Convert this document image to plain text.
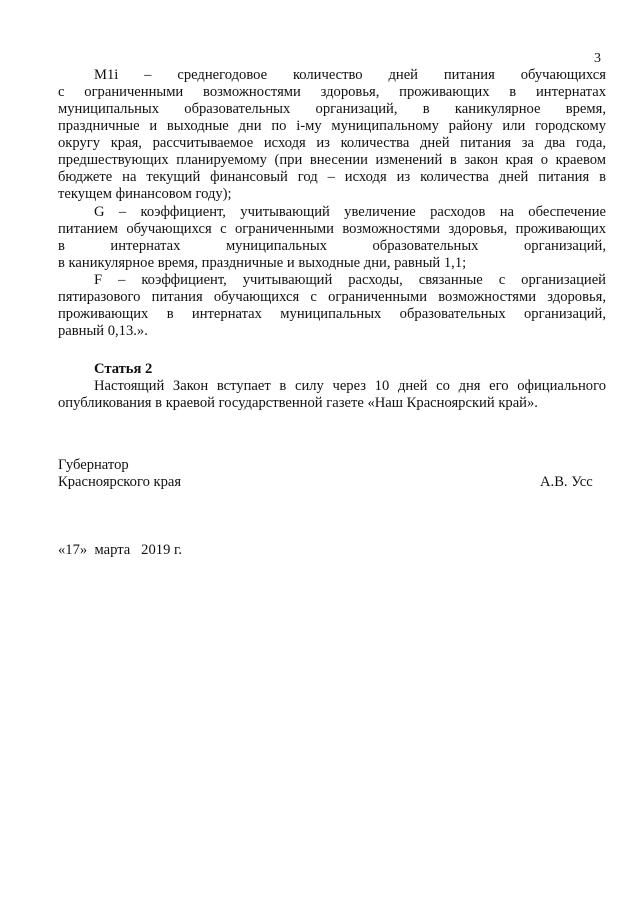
3
M1i – среднегодовое количество дней питания обучающихся
с ограниченными возможностями здоровья, проживающих в интернатах
муниципальных образовательных организаций, в каникулярное время,
праздничные и выходные дни по i-му муниципальному району или городскому
округу края, рассчитываемое исходя из количества дней питания за два года,
предшествующих планируемому (при внесении изменений в закон края о краевом
бюджете на текущий финансовый год – исходя из количества дней питания в
текущем финансовом году);
G – коэффициент, учитывающий увеличение расходов на обеспечение
питанием обучающихся с ограниченными возможностями здоровья, проживающих
в интернатах муниципальных образовательных организаций,
в каникулярное время, праздничные и выходные дни, равный 1,1;
F – коэффициент, учитывающий расходы, связанные с организацией
пятиразового питания обучающихся с ограниченными возможностями здоровья,
проживающих в интернатах муниципальных образовательных организаций,
равный 0,13.».
Статья 2
Настоящий Закон вступает в силу через 10 дней со дня его официального
опубликования в краевой государственной газете «Наш Красноярский край».
Губернатор
Красноярского края	А.В. Усс
«17»  марта   2019 г.
